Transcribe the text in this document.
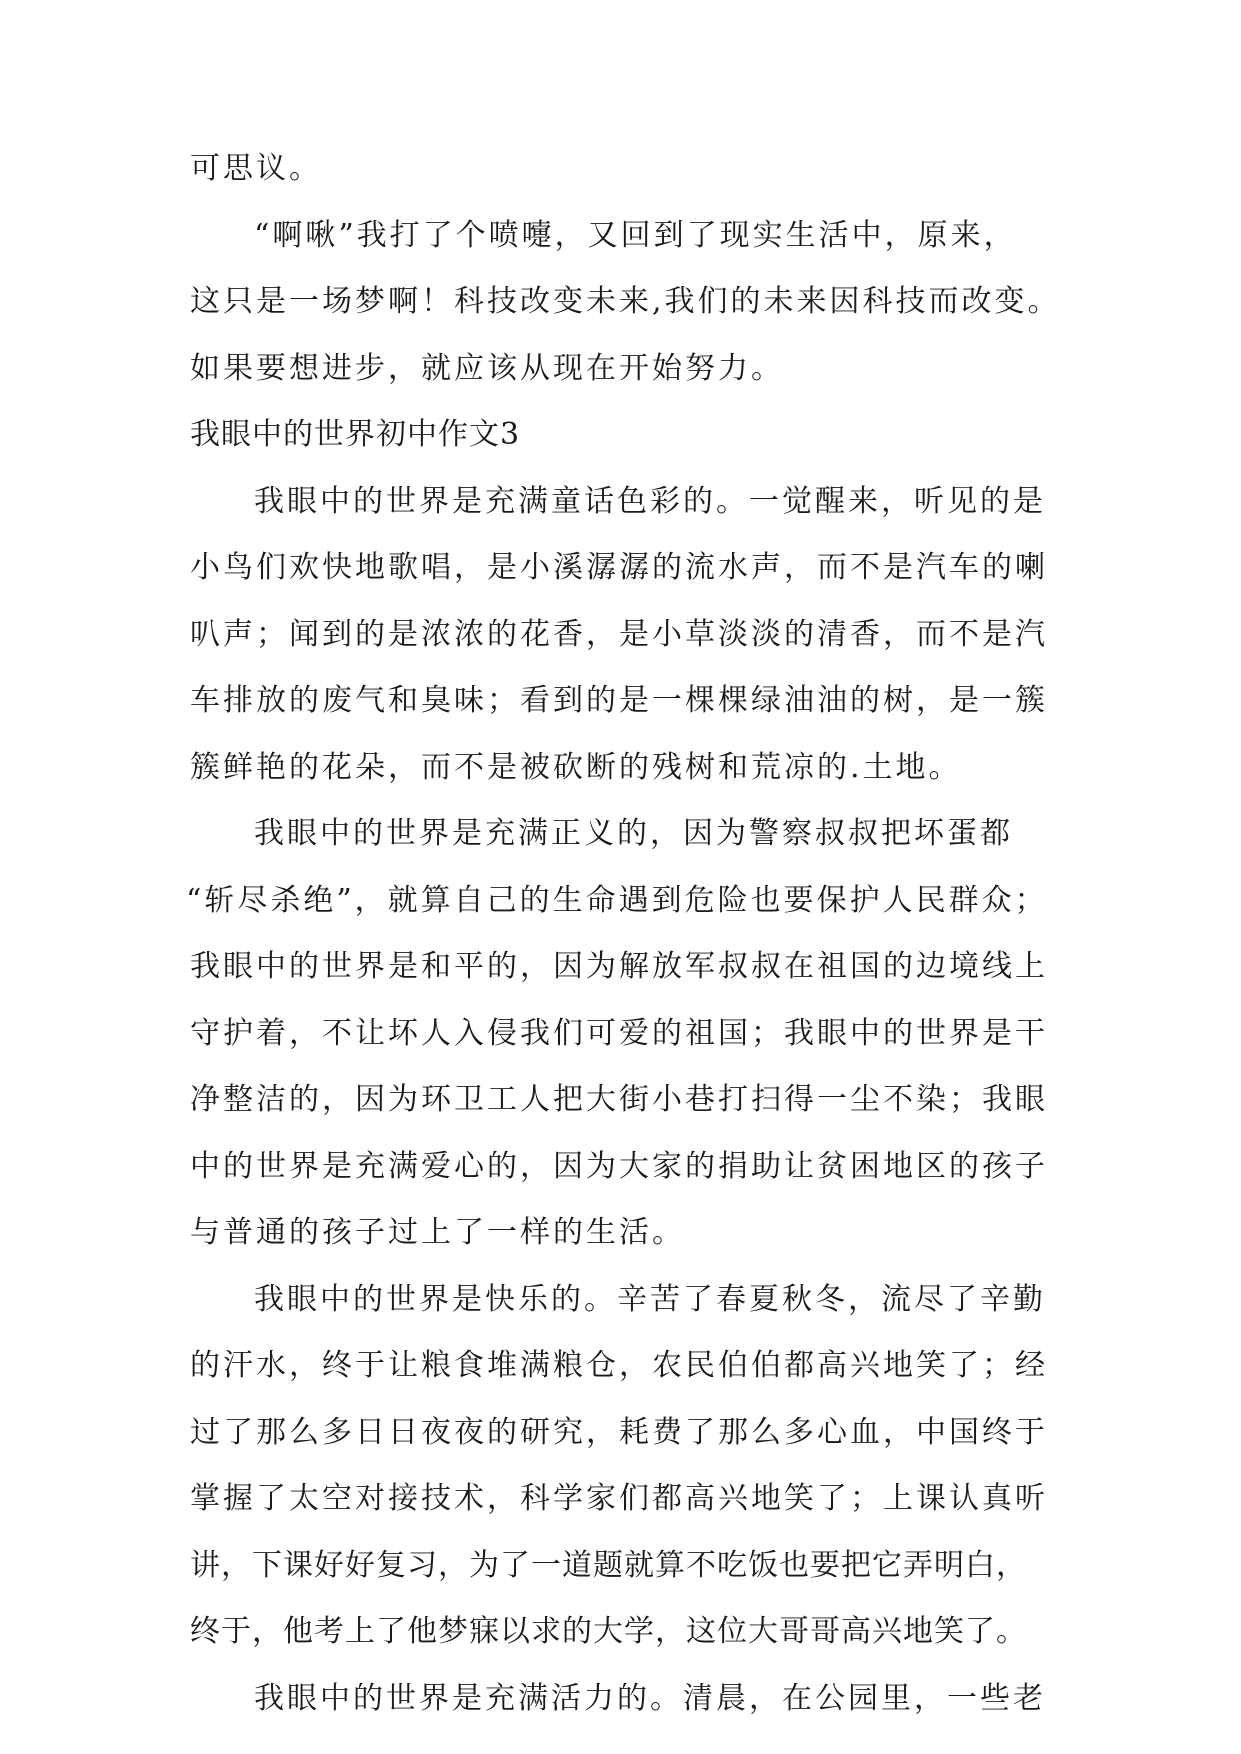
可思议。

“啊啾”我打了个喷嚏，又回到了现实生活中，原来，

这只是一场梦啊！科技改变未来,我们的未来因科技而改变。

如果要想进步，就应该从现在开始努力。

我眼中的世界初中作文3

我眼中的世界是充满童话色彩的。一觉醒来，听见的是

小鸟们欢快地歌唱，是小溪潺潺的流水声，而不是汽车的喇

叭声；闻到的是浓浓的花香，是小草淡淡的清香，而不是汽

车排放的废气和臭味；看到的是一棵棵绿油油的树，是一簇

簇鲜艳的花朵，而不是被砍断的残树和荒凉的.土地。

我眼中的世界是充满正义的，因为警察叔叔把坏蛋都

“斩尽杀绝”，就算自己的生命遇到危险也要保护人民群众；

我眼中的世界是和平的，因为解放军叔叔在祖国的边境线上

守护着，不让坏人入侵我们可爱的祖国；我眼中的世界是干

净整洁的，因为环卫工人把大街小巷打扫得一尘不染；我眼

中的世界是充满爱心的，因为大家的捐助让贫困地区的孩子

与普通的孩子过上了一样的生活。

我眼中的世界是快乐的。辛苦了春夏秋冬，流尽了辛勤

的汗水，终于让粮食堆满粮仓，农民伯伯都高兴地笑了；经

过了那么多日日夜夜的研究，耗费了那么多心血，中国终于

掌握了太空对接技术，科学家们都高兴地笑了；上课认真听

讲，下课好好复习，为了一道题就算不吃饭也要把它弄明白，

终于，他考上了他梦寐以求的大学，这位大哥哥高兴地笑了。

我眼中的世界是充满活力的。清晨，在公园里，一些老
